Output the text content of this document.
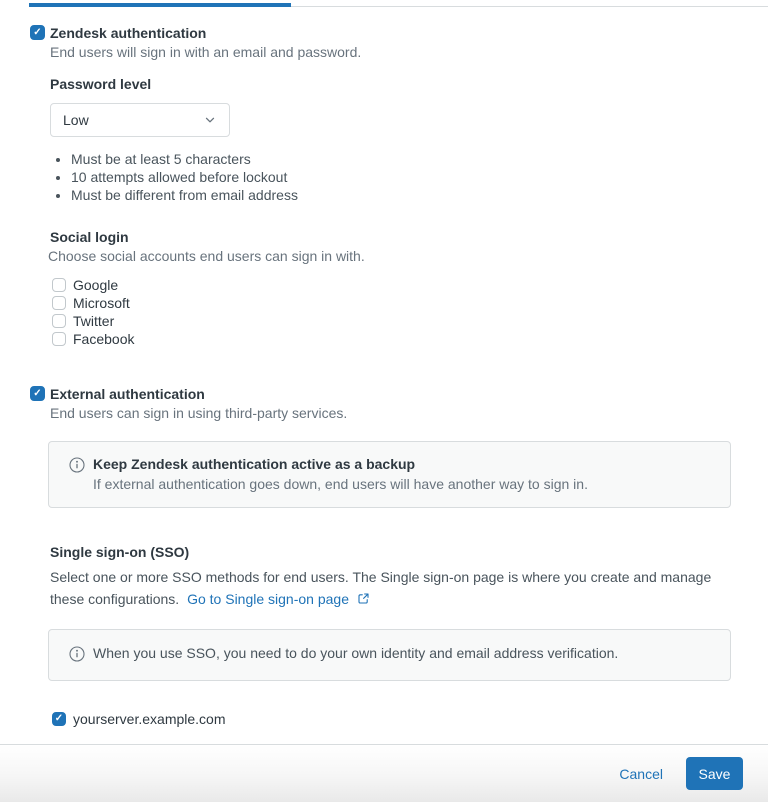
✓ Zendesk authentication
End users will sign in with an email and password.
Password level
Low
• Must be at least 5 characters
• 10 attempts allowed before lockout
• Must be different from email address
Social login
Choose social accounts end users can sign in with.
Google
Microsoft
Twitter
Facebook
✓ External authentication
End users can sign in using third-party services.
Keep Zendesk authentication active as a backup
If external authentication goes down, end users will have another way to sign in.
Single sign-on (SSO)
Select one or more SSO methods for end users. The Single sign-on page is where you create and manage these configurations. Go to Single sign-on page
When you use SSO, you need to do your own identity and email address verification.
✓ yourserver.example.com
Cancel	Save
